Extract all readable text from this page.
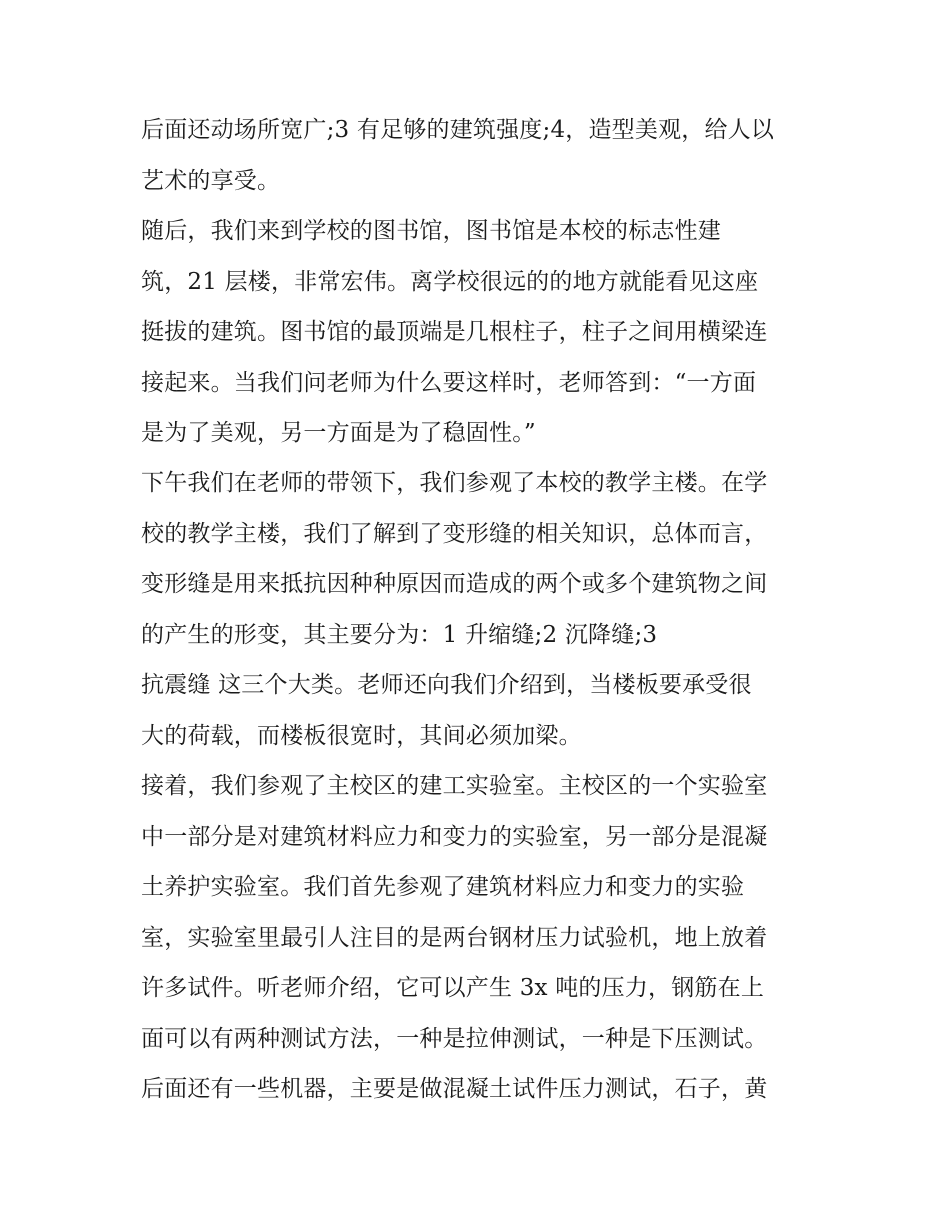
后面还动场所宽广;3 有足够的建筑强度;4，造型美观，给人以
艺术的享受。
随后，我们来到学校的图书馆，图书馆是本校的标志性建
筑，21 层楼，非常宏伟。离学校很远的的地方就能看见这座
挺拔的建筑。图书馆的最顶端是几根柱子，柱子之间用横梁连
接起来。当我们问老师为什么要这样时，老师答到：“一方面
是为了美观，另一方面是为了稳固性。”
下午我们在老师的带领下，我们参观了本校的教学主楼。在学
校的教学主楼，我们了解到了变形缝的相关知识，总体而言，
变形缝是用来抵抗因种种原因而造成的两个或多个建筑物之间
的产生的形变，其主要分为：1 升缩缝;2 沉降缝;3
抗震缝 这三个大类。老师还向我们介绍到，当楼板要承受很
大的荷载，而楼板很宽时，其间必须加梁。
接着，我们参观了主校区的建工实验室。主校区的一个实验室
中一部分是对建筑材料应力和变力的实验室，另一部分是混凝
土养护实验室。我们首先参观了建筑材料应力和变力的实验
室，实验室里最引人注目的是两台钢材压力试验机，地上放着
许多试件。听老师介绍，它可以产生 3x 吨的压力，钢筋在上
面可以有两种测试方法，一种是拉伸测试，一种是下压测试。
后面还有一些机器，主要是做混凝土试件压力测试，石子，黄
